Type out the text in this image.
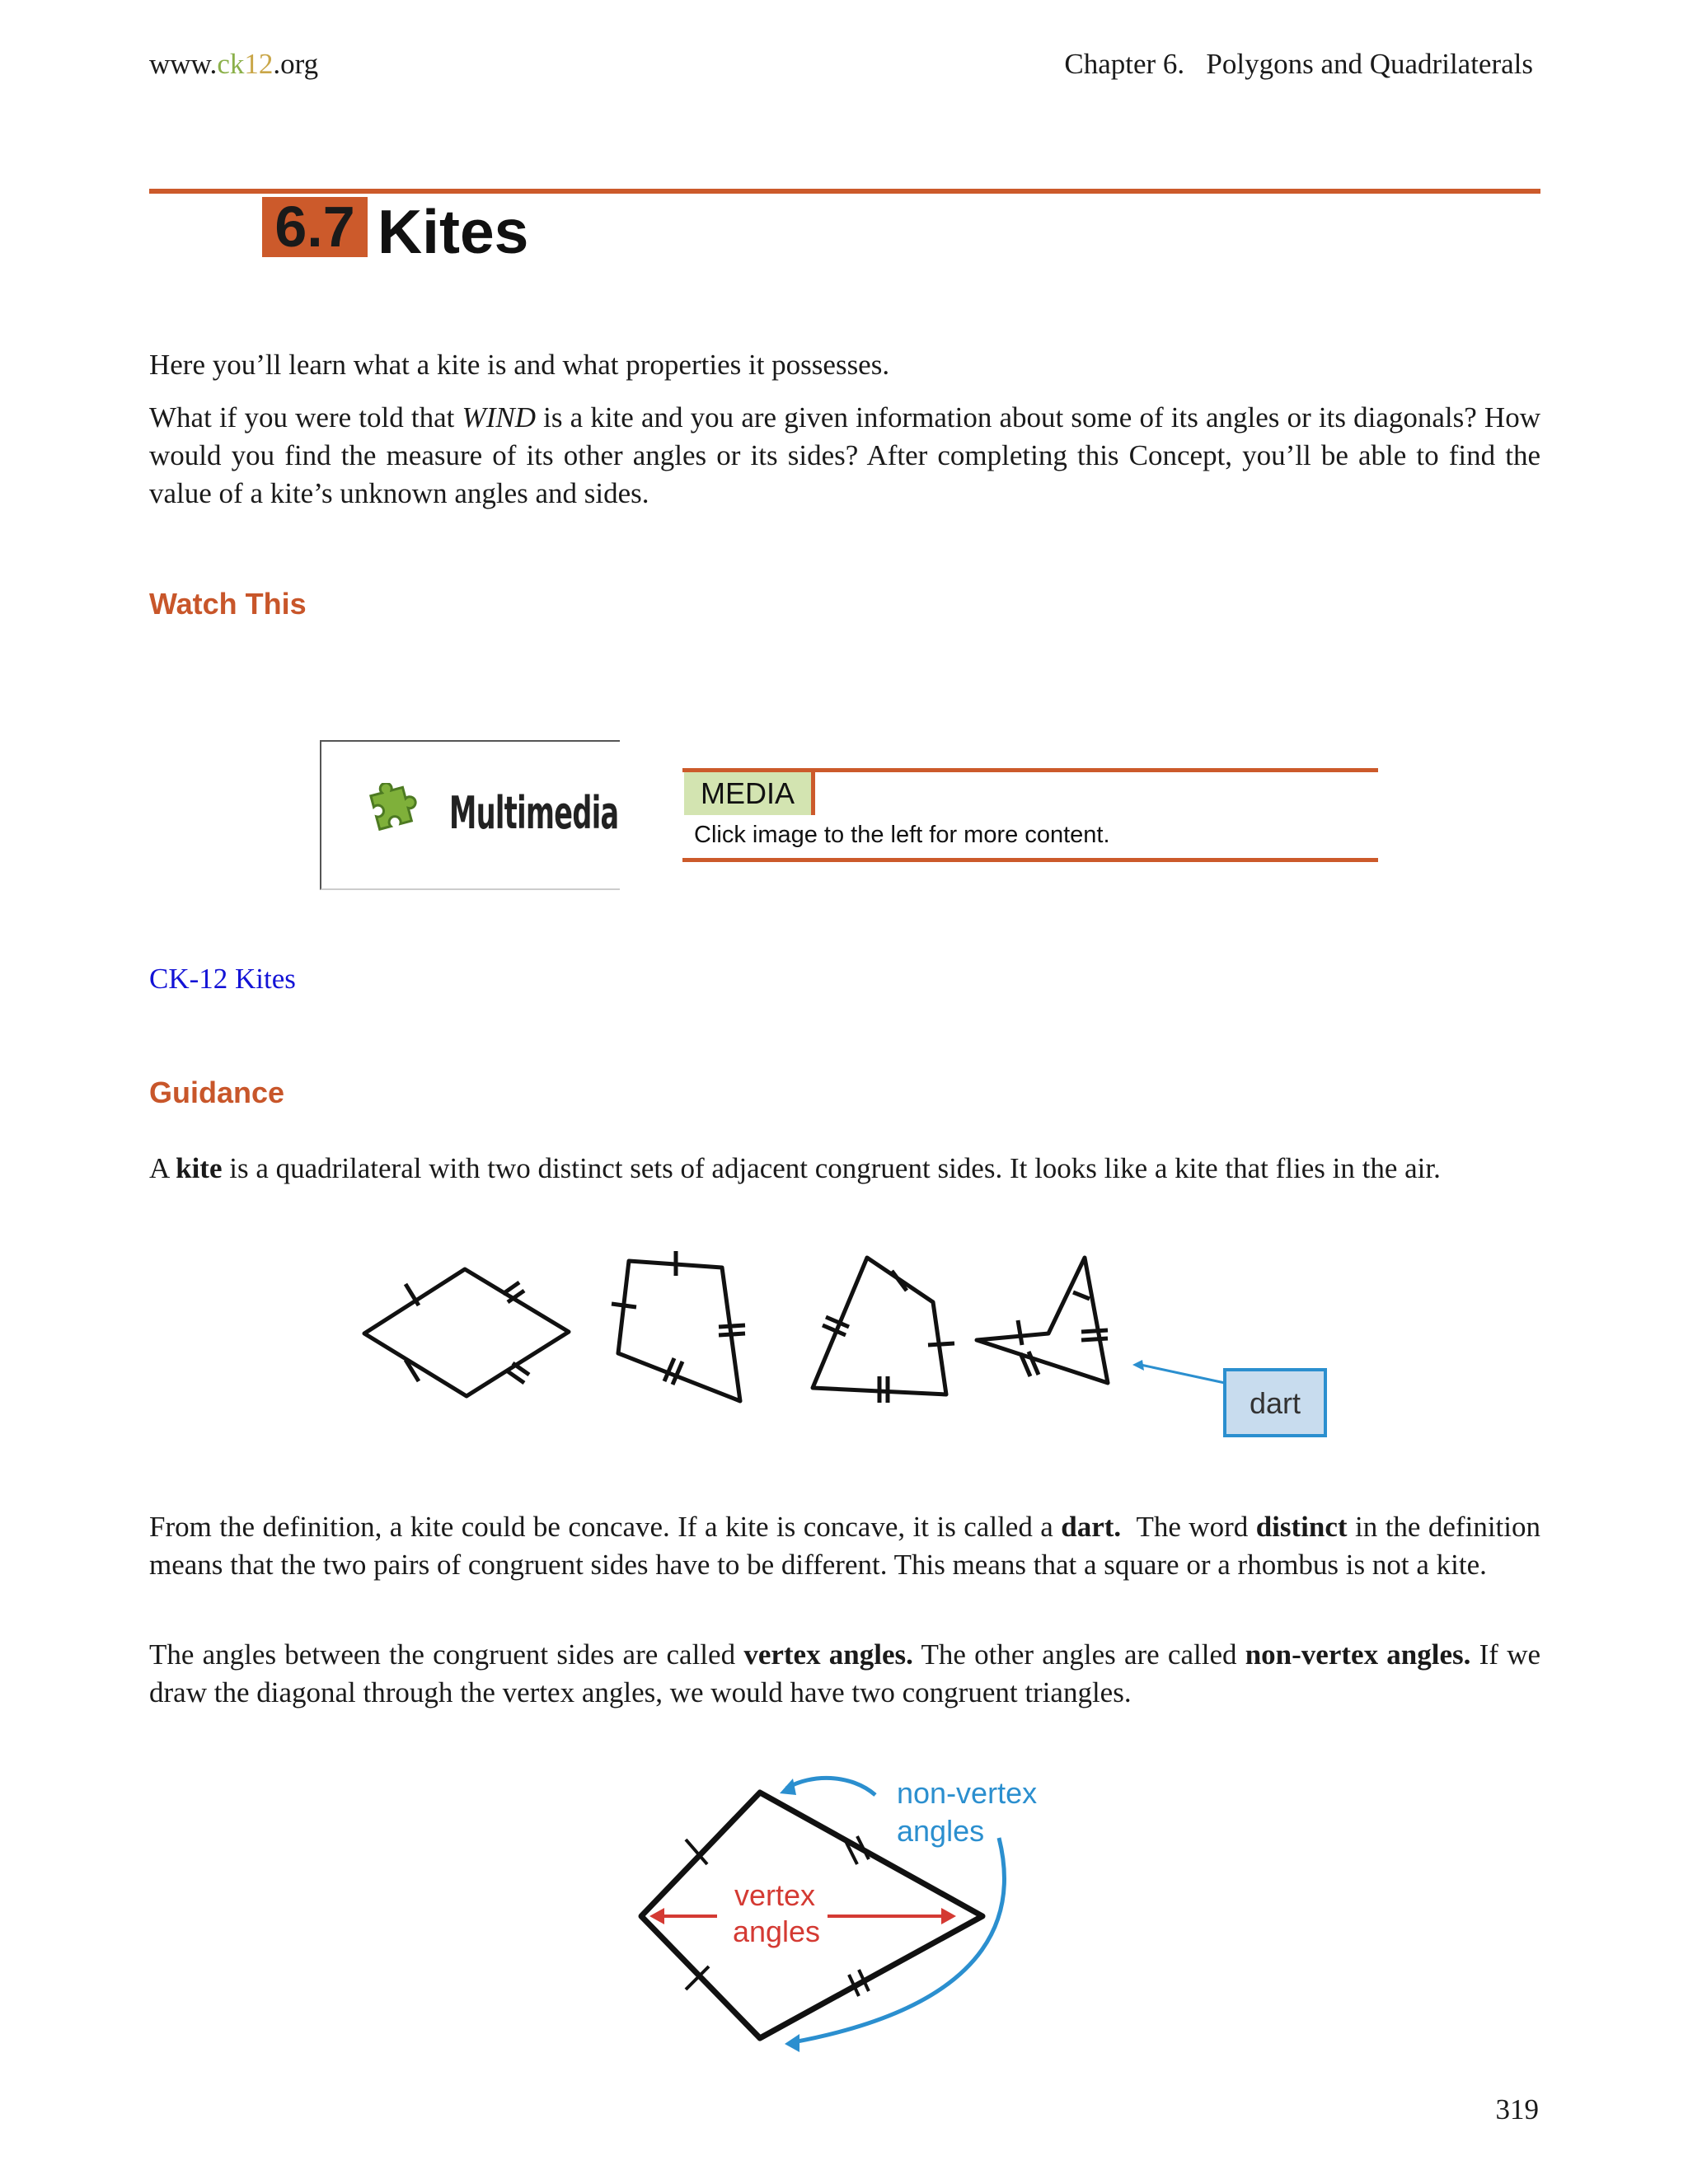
www.ck12.org	Chapter 6.   Polygons and Quadrilaterals
6.7 Kites
Here you’ll learn what a kite is and what properties it possesses.
What if you were told that WIND is a kite and you are given information about some of its angles or its diagonals? How would you find the measure of its other angles or its sides? After completing this Concept, you’ll be able to find the value of a kite’s unknown angles and sides.
Watch This
Multimedia	MEDIA
Click image to the left for more content.
CK-12 Kites
Guidance
A kite is a quadrilateral with two distinct sets of adjacent congruent sides. It looks like a kite that flies in the air.
dart
From the definition, a kite could be concave. If a kite is concave, it is called a dart.  The word distinct in the definition means that the two pairs of congruent sides have to be different. This means that a square or a rhombus is not a kite.
The angles between the congruent sides are called vertex angles. The other angles are called non-vertex angles. If we draw the diagonal through the vertex angles, we would have two congruent triangles.
vertex
angles
non-vertex
angles
319
